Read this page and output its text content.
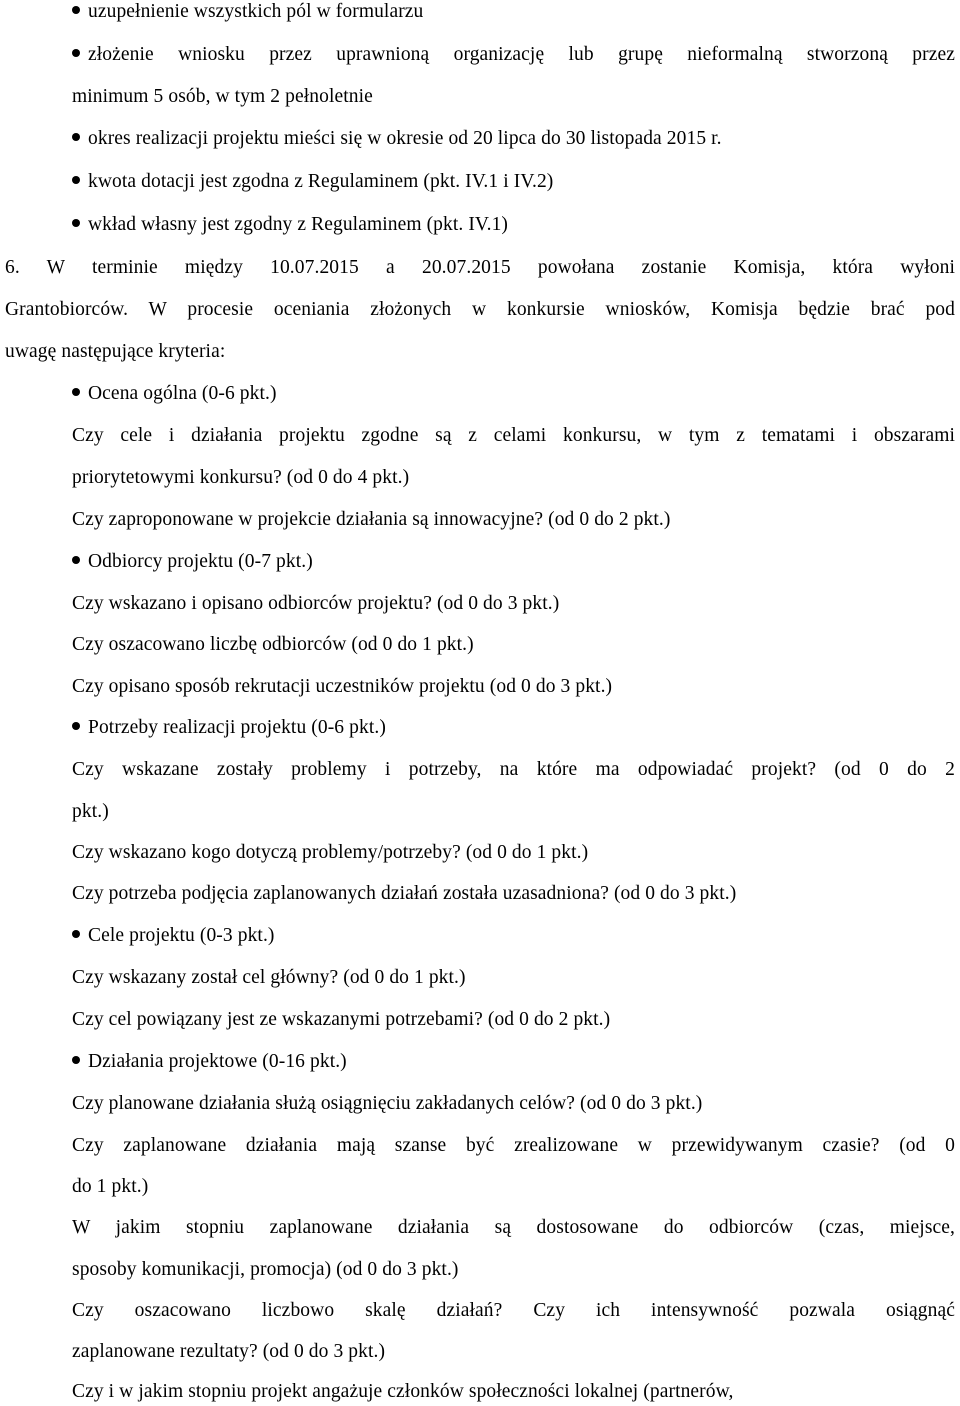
uzupełnienie wszystkich pól w formularzu
złożenie wniosku przez uprawnioną organizację lub grupę nieformalną stworzoną przez
minimum 5 osób, w tym 2 pełnoletnie
okres realizacji projektu mieści się w okresie od 20 lipca do 30 listopada 2015 r.
kwota dotacji jest zgodna z Regulaminem (pkt. IV.1 i IV.2)
wkład własny jest zgodny z Regulaminem (pkt. IV.1)
6. W terminie między 10.07.2015 a 20.07.2015 powołana zostanie Komisja, która wyłoni
Grantobiorców. W procesie oceniania złożonych w konkursie wniosków, Komisja będzie brać pod
uwagę następujące kryteria:
Ocena ogólna (0-6 pkt.)
Czy cele i działania projektu zgodne są z celami konkursu, w tym z tematami i obszarami
priorytetowymi konkursu? (od 0 do 4 pkt.)
Czy zaproponowane w projekcie działania są innowacyjne? (od 0 do 2 pkt.)
Odbiorcy projektu (0-7 pkt.)
Czy wskazano i opisano odbiorców projektu? (od 0 do 3 pkt.)
Czy oszacowano liczbę odbiorców (od 0 do 1 pkt.)
Czy opisano sposób rekrutacji uczestników projektu (od 0 do 3 pkt.)
Potrzeby realizacji projektu (0-6 pkt.)
Czy wskazane zostały problemy i potrzeby, na które ma odpowiadać projekt? (od 0 do 2
pkt.)
Czy wskazano kogo dotyczą problemy/potrzeby? (od 0 do 1 pkt.)
Czy potrzeba podjęcia zaplanowanych działań została uzasadniona? (od 0 do 3 pkt.)
Cele projektu (0-3 pkt.)
Czy wskazany został cel główny? (od 0 do 1 pkt.)
Czy cel powiązany jest ze wskazanymi potrzebami? (od 0 do 2 pkt.)
Działania projektowe (0-16 pkt.)
Czy planowane działania służą osiągnięciu zakładanych celów? (od 0 do 3 pkt.)
Czy zaplanowane działania mają szanse być zrealizowane w przewidywanym czasie? (od 0
do 1 pkt.)
W jakim stopniu zaplanowane działania są dostosowane do odbiorców (czas, miejsce,
sposoby komunikacji, promocja) (od 0 do 3 pkt.)
Czy oszacowano liczbowo skalę działań? Czy ich intensywność pozwala osiągnąć
zaplanowane rezultaty? (od 0 do 3 pkt.)
Czy i w jakim stopniu projekt angażuje członków społeczności lokalnej (partnerów,
